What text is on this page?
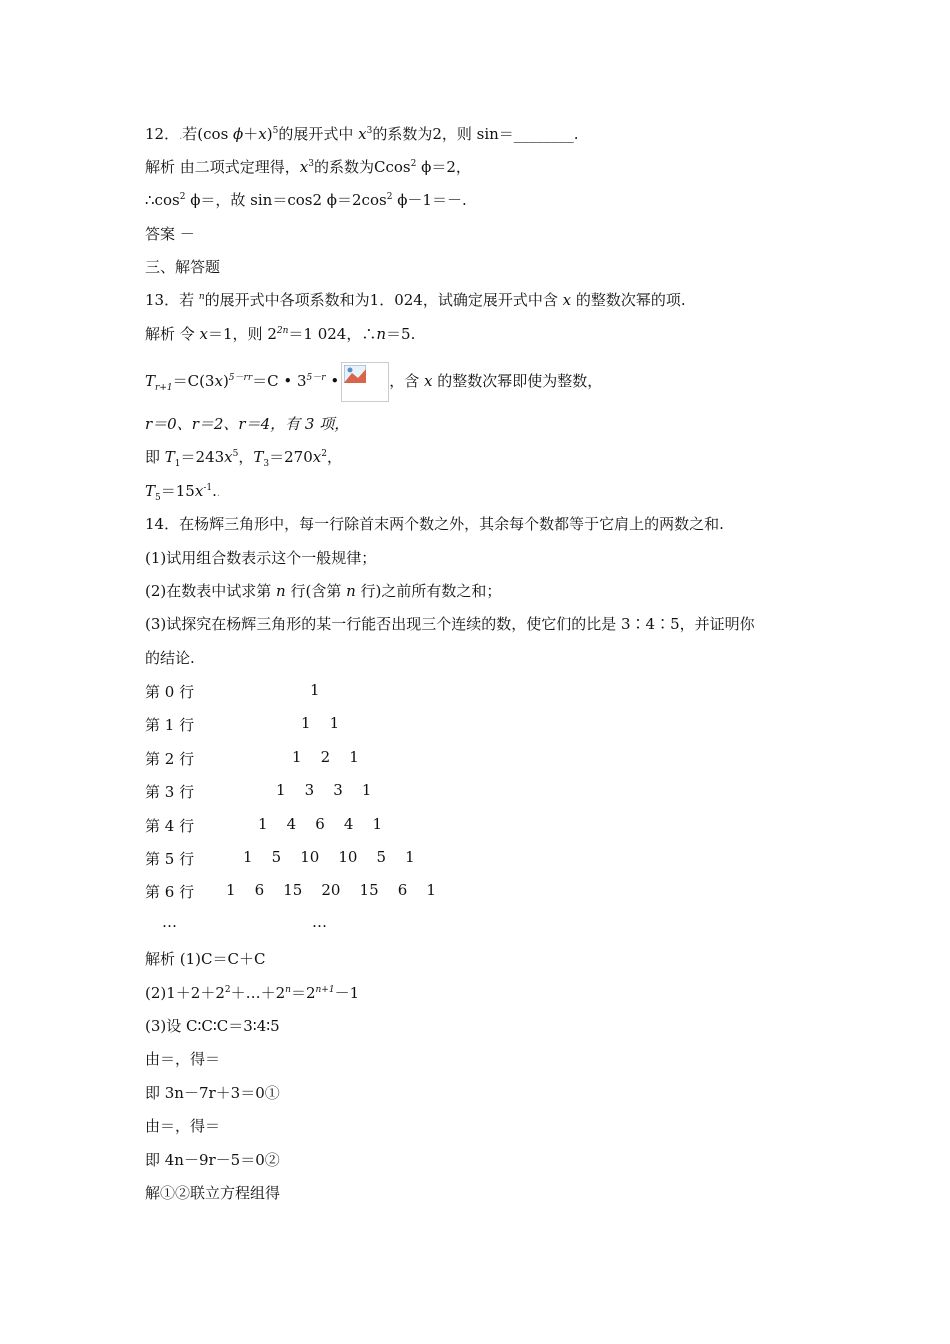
12．.若(cos ϕ＋x)$^5$的展开式中 $x^3$的系数为2，则 sin＝________.
解析 由二项式定理得，$x^3$的系数为Ccos$^2$ ϕ＝2，
$\therefore\cos^2$ ϕ＝，故 sin＝cos2 $\phi=2\cos^2$ ϕ－1＝－.
答案 －
三、解答题
13．若 $^n$的展开式中各项系数和为1．024，试确定展开式中含 x 的整数次幂的项.
解析 令 x＝1，则 $2^{2n}=1$ 024，∴n＝5.
$T_{r+1}=C(3x)^{5-rr}=C$ • $3^{5-r}$ •	，含 x 的整数次幂即使为整数，
r＝0、r＝2、r＝4，有 3 项，
即 $T_1=243x^5$，$T_3=270x^2$，
$T_5=15x^{-1}$..
14．在杨辉三角形中，每一行除首末两个数之外，其余每个数都等于它肩上的两数之和.
(1)试用组合数表示这个一般规律；
(2)在数表中试求第 n 行(含第 n 行)之前所有数之和；
(3)试探究在杨辉三角形的某一行能否出现三个连续的数，使它们的比是 3∶4∶5，并证明你
的结论.
第 0 行	1
第 1 行	1    1
第 2 行	1    2    1
第 3 行	1    3    3    1
第 4 行	1    4    6    4    1
第 5 行	1    5    10    10    5    1
第 6 行 1    6    15    20    15    6    1
…	…
解析 (1)C＝C＋C
$(2)1+2+2^2+\dots+2^n=2^{n+1}-1$
(3)设 C∶C∶C＝3∶4∶5
由＝，得＝
即 3n－7r＋3＝0①
由＝，得＝
即 4n－9r－5＝0②
解①②联立方程组得
